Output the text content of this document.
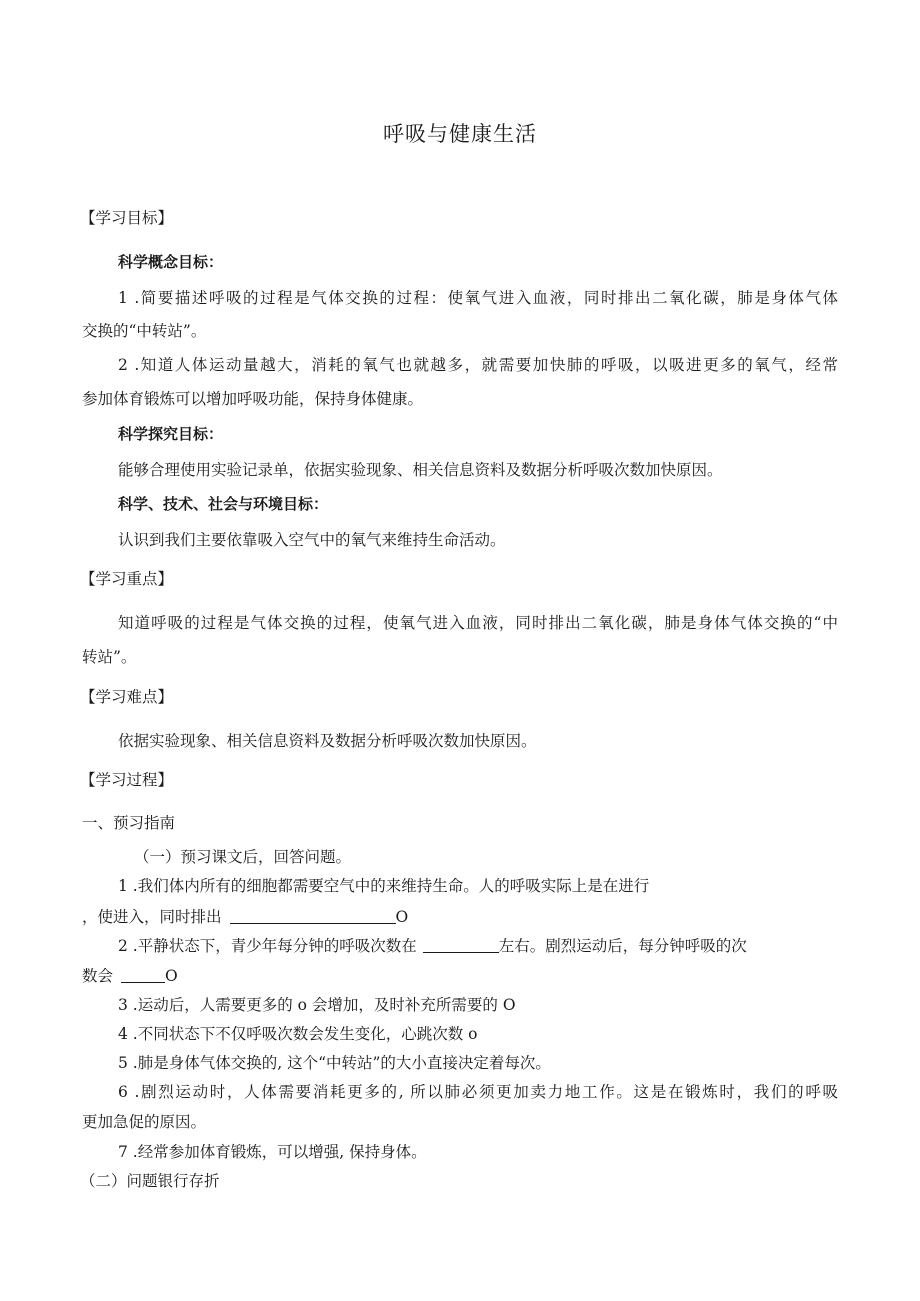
呼吸与健康生活
【学习目标】
科学概念目标：
1 .简要描述呼吸的过程是气体交换的过程：使氧气进入血液，同时排出二氧化碳，肺是身体气体
交换的“中转站”。
2 .知道人体运动量越大，消耗的氧气也就越多，就需要加快肺的呼吸，以吸进更多的氧气，经常
参加体育锻炼可以增加呼吸功能，保持身体健康。
科学探究目标：
能够合理使用实验记录单，依据实验现象、相关信息资料及数据分析呼吸次数加快原因。
科学、技术、社会与环境目标：
认识到我们主要依靠吸入空气中的氧气来维持生命活动。
【学习重点】
知道呼吸的过程是气体交换的过程，使氧气进入血液，同时排出二氧化碳，肺是身体气体交换的“中
转站”。
【学习难点】
依据实验现象、相关信息资料及数据分析呼吸次数加快原因。
【学习过程】
一、预习指南
（一）预习课文后，回答问题。
1 .我们体内所有的细胞都需要空气中的来维持生命。人的呼吸实际上是在进行
，使进入，同时排出	O
2 .平静状态下，青少年每分钟的呼吸次数在	左右。剧烈运动后，每分钟呼吸的次
数会	O
3 .运动后，人需要更多的 o 会增加，及时补充所需要的 O
4 .不同状态下不仅呼吸次数会发生变化，心跳次数 o
5 .肺是身体气体交换的, 这个“中转站”的大小直接决定着每次。
6 .剧烈运动时，人体需要消耗更多的, 所以肺必须更加卖力地工作。这是在锻炼时，我们的呼吸
更加急促的原因。
7 .经常参加体育锻炼，可以增强, 保持身体。
（二）问题银行存折
